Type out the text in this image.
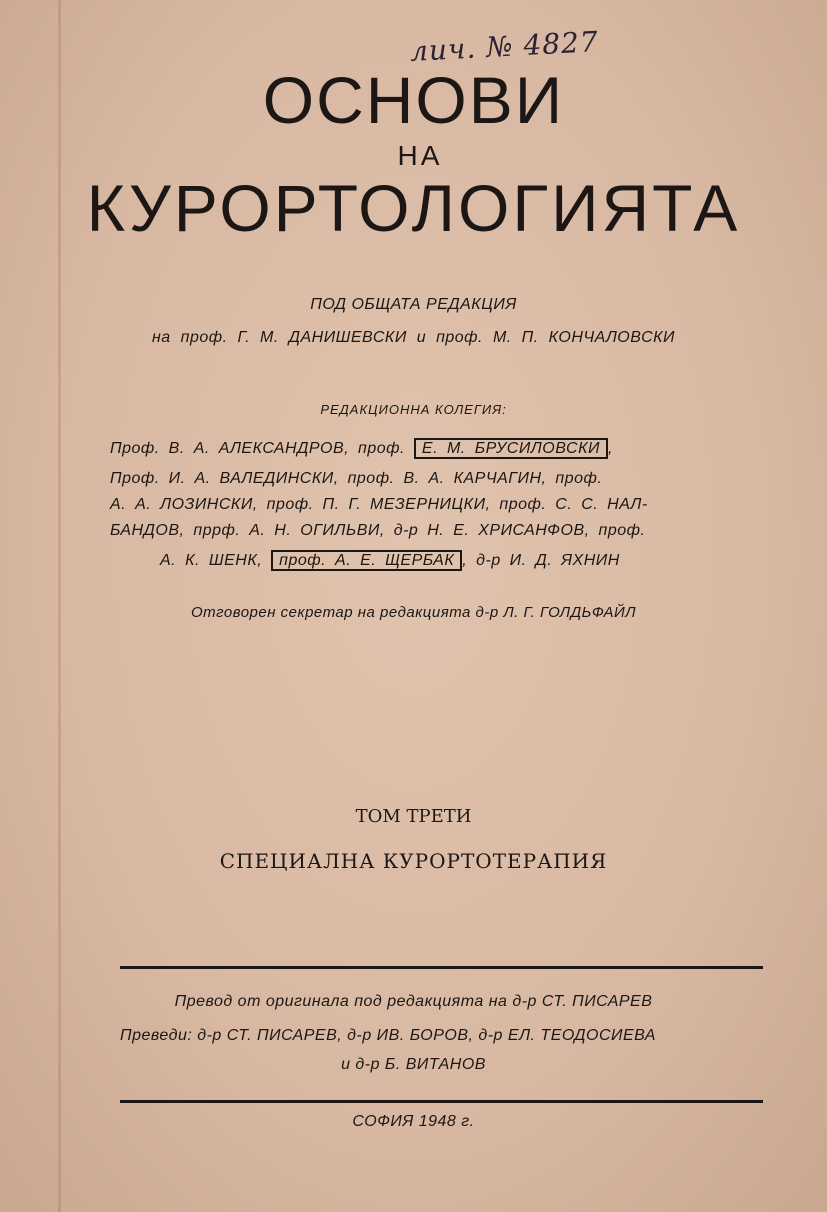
лич. № 4827
ОСНОВИ
НА
КУРОРТОЛОГИЯТА
ПОД ОБЩАТА РЕДАКЦИЯ
на проф. Г. М. ДАНИШЕВСКИ и проф. М. П. КОНЧАЛОВСКИ
РЕДАКЦИОННА КОЛЕГИЯ:
Проф. В. А. АЛЕКСАНДРОВ, проф. Е. М. БРУСИЛОВСКИ ,
Проф. И. А. ВАЛЕДИНСКИ, проф. В. А. КАРЧАГИН, проф.
А. А. ЛОЗИНСКИ, проф. П. Г. МЕЗЕРНИЦКИ, проф. С. С. НАЛ-
БАНДОВ, пррф. А. Н. ОГИЛЬВИ, д-р Н. Е. ХРИСАНФОВ, проф.
А. К. ШЕНК, проф. А. Е. ЩЕРБАК , д-р И. Д. ЯХНИН
Отговорен секретар на редакцията д-р Л. Г. ГОЛДЬФАЙЛ
ТОМ ТРЕТИ
СПЕЦИАЛНА КУРОРТОТЕРАПИЯ
Превод от оригинала под редакцията на д-р СТ. ПИСАРЕВ
Преведи: д-р СТ. ПИСАРЕВ, д-р ИВ. БОРОВ, д-р ЕЛ. ТЕОДОСИЕВА
и д-р Б. ВИТАНОВ
СОФИЯ 1948 г.
